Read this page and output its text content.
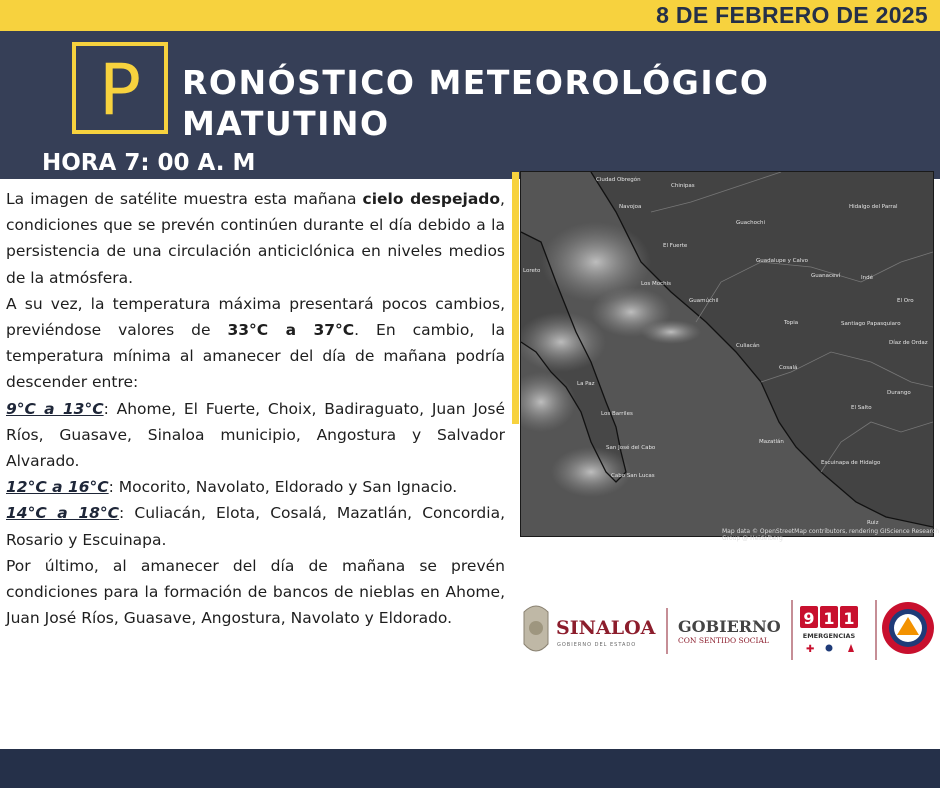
8 DE FEBRERO DE 2025
P	RONÓSTICO METEOROLÓGICO
MATUTINO
HORA 7: 00 A. M

La imagen de satélite muestra esta mañana cielo despejado, condiciones que se prevén continúen durante el día debido a la persistencia de una circulación anticiclónica en niveles medios de la atmósfera.

A su vez, la temperatura máxima presentará pocos cambios, previéndose valores de 33°C a 37°C. En cambio, la temperatura mínima al amanecer del día de mañana podría descender entre:

9°C a 13°C: Ahome, El Fuerte, Choix, Badiraguato, Juan José Ríos, Guasave, Sinaloa municipio, Angostura y Salvador Alvarado.

12°C a 16°C: Mocorito, Navolato, Eldorado y San Ignacio.

14°C a 18°C: Culiacán, Elota, Cosalá, Mazatlán, Concordia, Rosario y Escuinapa.

Por último, al amanecer del día de mañana se prevén condiciones para la formación de bancos de nieblas en Ahome, Juan José Ríos, Guasave, Angostura, Navolato y Eldorado.

Ciudad Obregón
Navojoa
Chinipas
Guachochi
Hidalgo del Parral
El Fuerte
Los Mochis
Guadalupe y Calvo
Guanaceví	Indé
El Oro
Loreto
Guamúchil
Topia	Santiago Papasquiaro
Culiacán	Díaz de Ordaz
Cosalá
La Paz
Durango
Los Barriles
El Salto
San José del Cabo
Cabo San Lucas
Mazatlán
Escuinapa de Hidalgo
Ruiz
Map data © OpenStreetMap contributors, rendering GIScience Research Group @ Heidelberg
SINALOA
GOBIERNO DEL ESTADO
GOBIERNO
CON SENTIDO SOCIAL
9 1 1
EMERGENCIAS
✚
